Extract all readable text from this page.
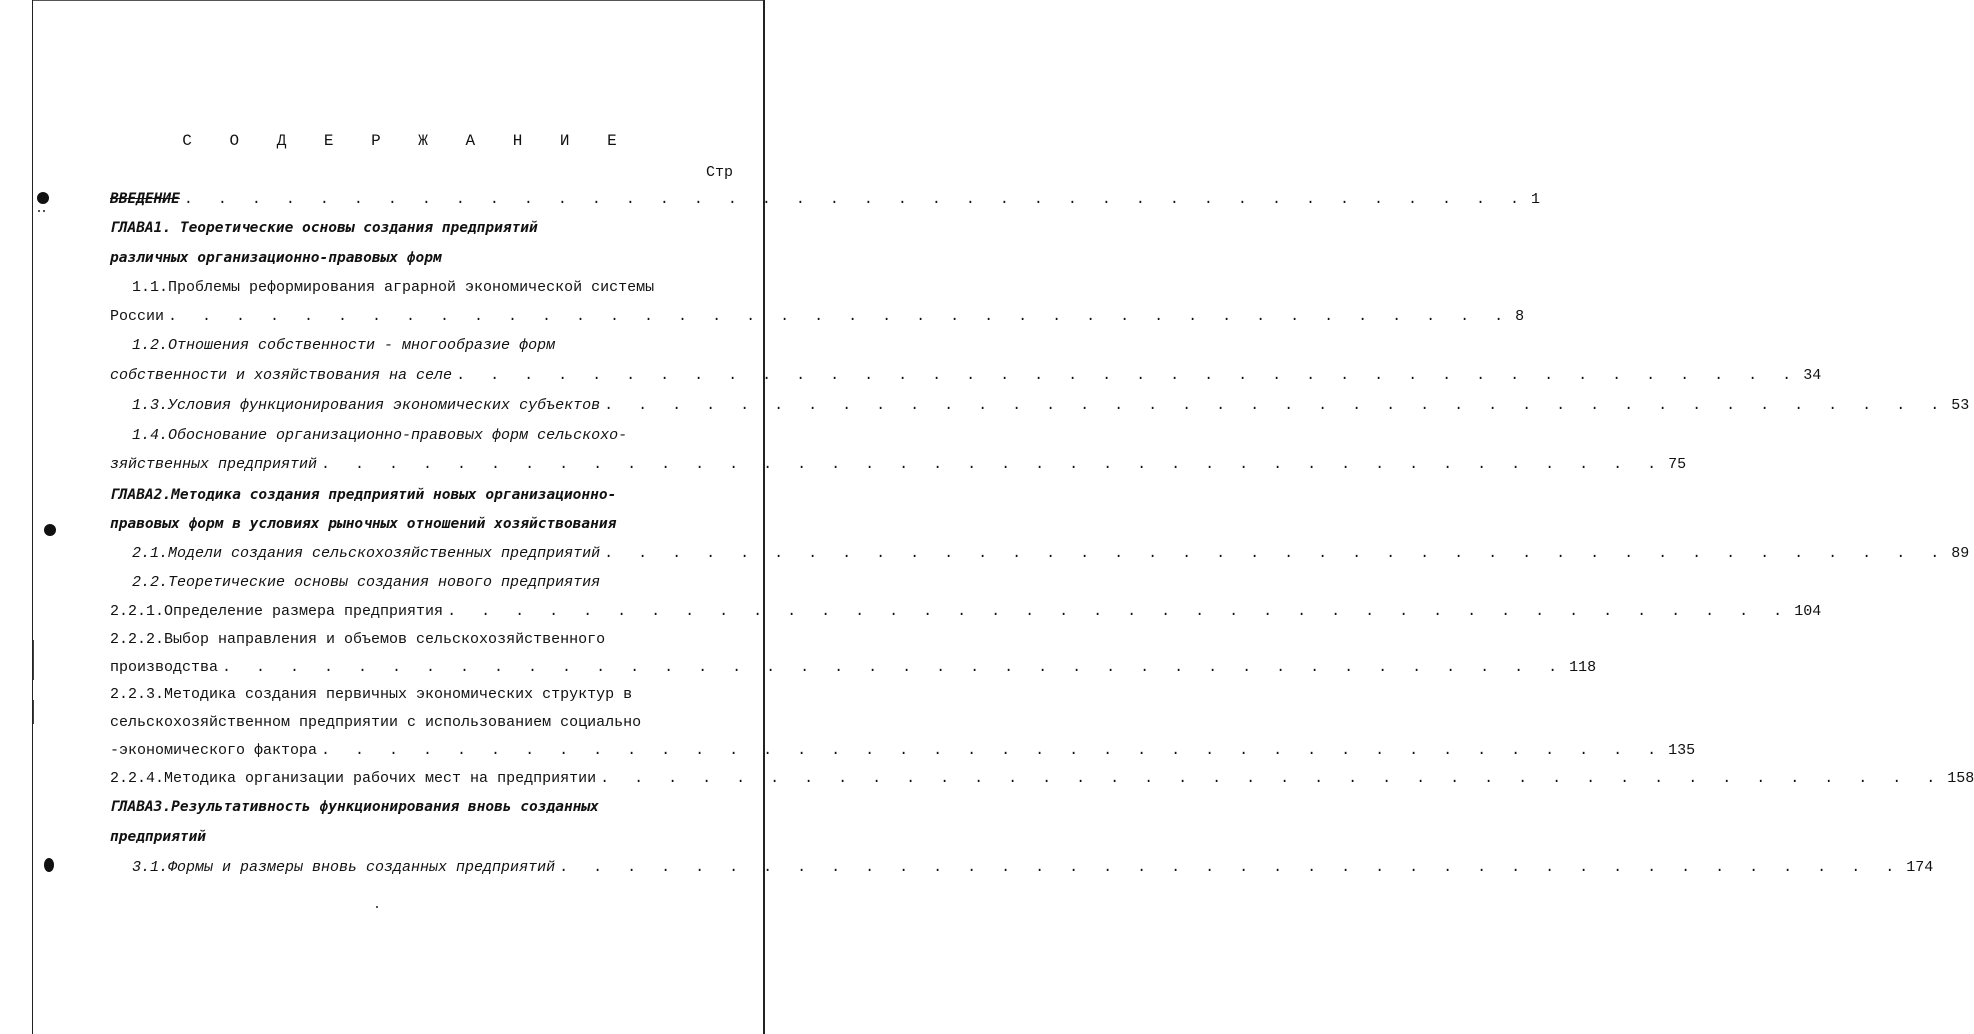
С О Д Е Р Ж А Н И Е
Стр
ВВЕДЕНИЕ . . . . . . . . . . . . . . . . . . . . . . . . . . . . . . . . . . . . . . . . 1
ГЛАВА1. Теоретические основы создания предприятий
различных организационно-правовых форм
1.1.Проблемы реформирования аграрной экономической системы
России . . . . . . . . . . . . . . . . . . . . . . . . . . . . . . . . . . . . . . . . 8
1.2.Отношения собственности - многообразие форм
собственности и хозяйствования на селе . . . . . . . . . . . . . . . . . . . . . . . . . . . . . . . . . . . . . . . . 34
1.3.Условия функционирования экономических субъектов . . . . . . . . . . . . . . . . . . . . . . . . . . . . . . . . . . . . . . . . 53
1.4.Обоснование организационно-правовых форм сельскохо-
зяйственных предприятий . . . . . . . . . . . . . . . . . . . . . . . . . . . . . . . . . . . . . . . . 75
ГЛАВА2.Методика создания предприятий новых организационно-
правовых форм в условиях рыночных отношений хозяйствования
2.1.Модели создания сельскохозяйственных предприятий . . . . . . . . . . . . . . . . . . . . . . . . . . . . . . . . . . . . . . . . 89
2.2.Теоретические основы создания нового предприятия
2.2.1.Определение размера предприятия . . . . . . . . . . . . . . . . . . . . . . . . . . . . . . . . . . . . . . . . 104
2.2.2.Выбор направления и объемов сельскохозяйственного
производства . . . . . . . . . . . . . . . . . . . . . . . . . . . . . . . . . . . . . . . . 118
2.2.3.Методика создания первичных экономических структур в
сельскохозяйственном предприятии с использованием социально
-экономического фактора . . . . . . . . . . . . . . . . . . . . . . . . . . . . . . . . . . . . . . . . 135
2.2.4.Методика организации рабочих мест на предприятии . . . . . . . . . . . . . . . . . . . . . . . . . . . . . . . . . . . . . . . . 158
ГЛАВА3.Результативность функционирования вновь созданных
предприятий
3.1.Формы и размеры вновь созданных предприятий . . . . . . . . . . . . . . . . . . . . . . . . . . . . . . . . . . . . . . . . 174
